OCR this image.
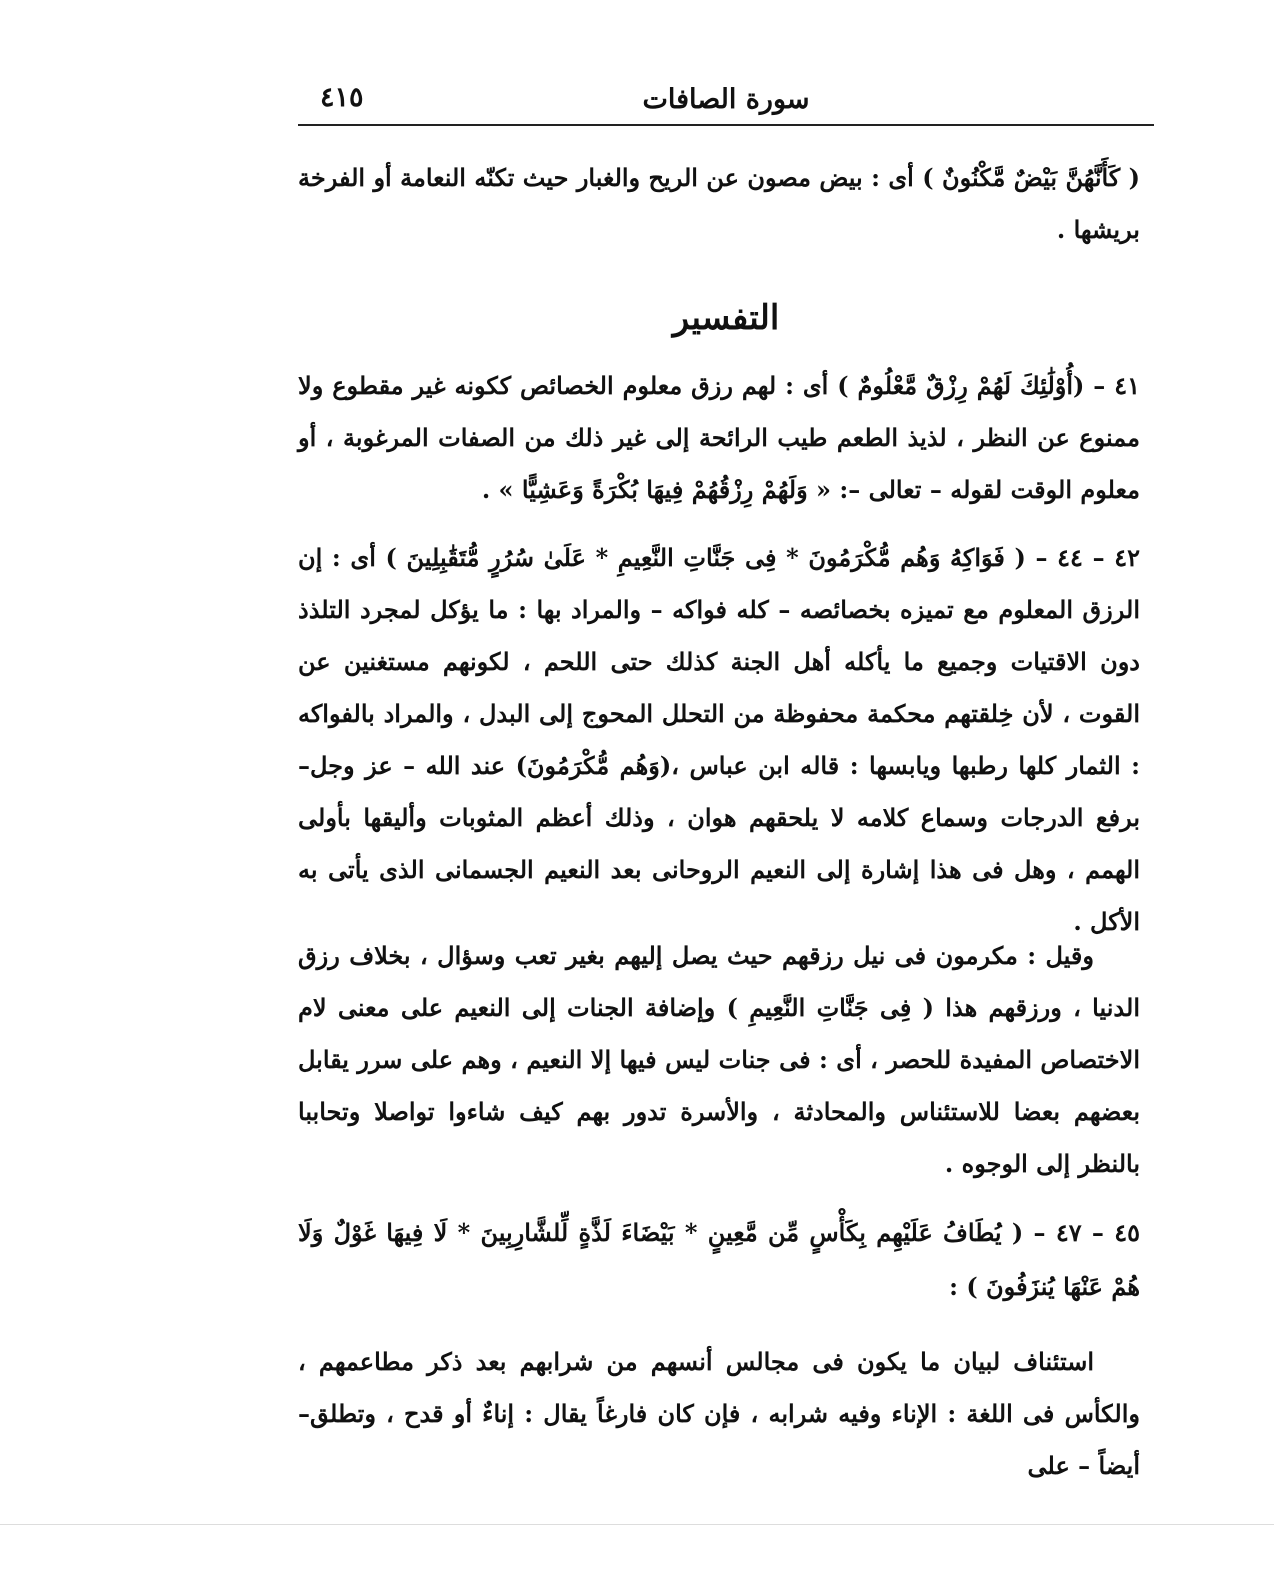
سورة الصافات
٤١٥
( كَأَنَّهُنَّ بَيْضٌ مَّكْنُونٌ ) أى : بيض مصون عن الريح والغبار حيث تكنّه النعامة أو الفرخة بريشها .
التفسير
٤١ – (أُوْلَٰئِكَ لَهُمْ رِزْقٌ مَّعْلُومٌ ) أى : لهم رزق معلوم الخصائص ككونه غير مقطوع ولا ممنوع عن النظر ، لذيذ الطعم طيب الرائحة إلى غير ذلك من الصفات المرغوبة ، أو معلوم الوقت لقوله – تعالى –: « وَلَهُمْ رِزْقُهُمْ فِيهَا بُكْرَةً وَعَشِيًّا » .
٤٢ – ٤٤ – ( فَوَاكِهُ وَهُم مُّكْرَمُونَ * فِى جَنَّاتِ النَّعِيمِ * عَلَىٰ سُرُرٍ مُّتَقَٰبِلِينَ ) أى : إن الرزق المعلوم مع تميزه بخصائصه – كله فواكه – والمراد بها : ما يؤكل لمجرد التلذذ دون الاقتيات وجميع ما يأكله أهل الجنة كذلك حتى اللحم ، لكونهم مستغنين عن القوت ، لأن خِلقتهم محكمة محفوظة من التحلل المحوج إلى البدل ، والمراد بالفواكه : الثمار كلها رطبها ويابسها : قاله ابن عباس ،(وَهُم مُّكْرَمُونَ) عند الله – عز وجل– برفع الدرجات وسماع كلامه لا يلحقهم هوان ، وذلك أعظم المثوبات وأليقها بأولى الهمم ، وهل فى هذا إشارة إلى النعيم الروحانى بعد النعيم الجسمانى الذى يأتى به الأكل .
وقيل : مكرمون فى نيل رزقهم حيث يصل إليهم بغير تعب وسؤال ، بخلاف رزق الدنيا ، ورزقهم هذا ( فِى جَنَّاتِ النَّعِيمِ ) وإضافة الجنات إلى النعيم على معنى لام الاختصاص المفيدة للحصر ، أى : فى جنات ليس فيها إلا النعيم ، وهم على سرر يقابل بعضهم بعضا للاستئناس والمحادثة ، والأسرة تدور بهم كيف شاءوا تواصلا وتحاببا بالنظر إلى الوجوه .
٤٥ – ٤٧ – ( يُطَافُ عَلَيْهِم بِكَأْسٍ مِّن مَّعِينٍ * بَيْضَاءَ لَذَّةٍ لِّلشَّارِبِينَ * لَا فِيهَا غَوْلٌ وَلَا هُمْ عَنْهَا يُنزَفُونَ ) :
استئناف لبيان ما يكون فى مجالس أنسهم من شرابهم بعد ذكر مطاعمهم ، والكأس فى اللغة : الإناء وفيه شرابه ، فإن كان فارغاً يقال : إناءٌ أو قدح ، وتطلق– أيضاً – على
